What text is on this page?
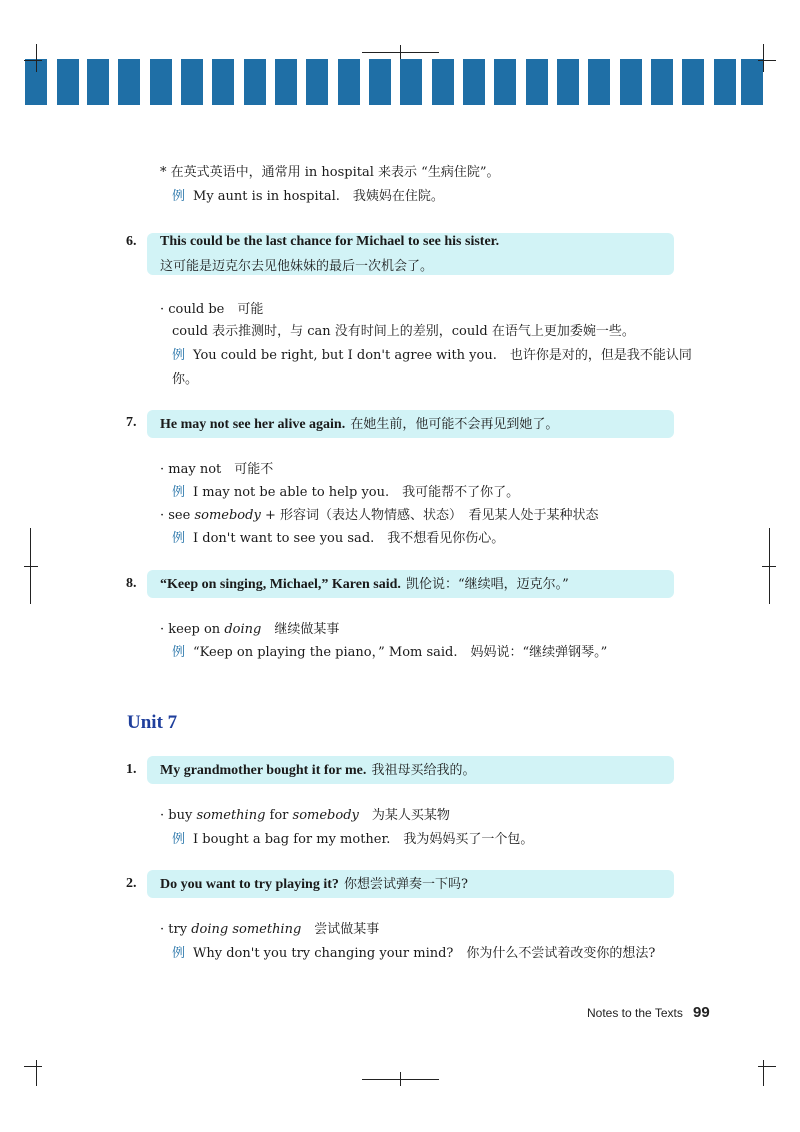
* 在英式英语中，通常用 in hospital 来表示 “生病住院”。
例 My aunt is in hospital.　我姨妈在住院。
6. This could be the last chance for Michael to see his sister.
这可能是迈克尔去见他妹妹的最后一次机会了。
· could be　可能
could 表示推测时，与 can 没有时间上的差别，could 在语气上更加委婉一些。
例 You could be right, but I don't agree with you.　也许你是对的，但是我不能认同
你。
7. He may not see her alive again. 在她生前，他可能不会再见到她了。
· may not　可能不
例 I may not be able to help you.　我可能帮不了你了。
· see somebody + 形容词（表达人物情感、状态）　看见某人处于某种状态
例 I don't want to see you sad.　我不想看见你伤心。
8. “Keep on singing, Michael,” Karen said. 凯伦说：“继续唱，迈克尔。”
· keep on doing　继续做某事
例 “Keep on playing the piano，” Mom said.　妈妈说：“继续弹钢琴。”
Unit 7
1. My grandmother bought it for me. 我祖母买给我的。
· buy something for somebody　为某人买某物
例 I bought a bag for my mother.　我为妈妈买了一个包。
2. Do you want to try playing it? 你想尝试弹奏一下吗?
· try doing something　尝试做某事
例 Why don't you try changing your mind?　你为什么不尝试着改变你的想法?
Notes to the Texts 99
